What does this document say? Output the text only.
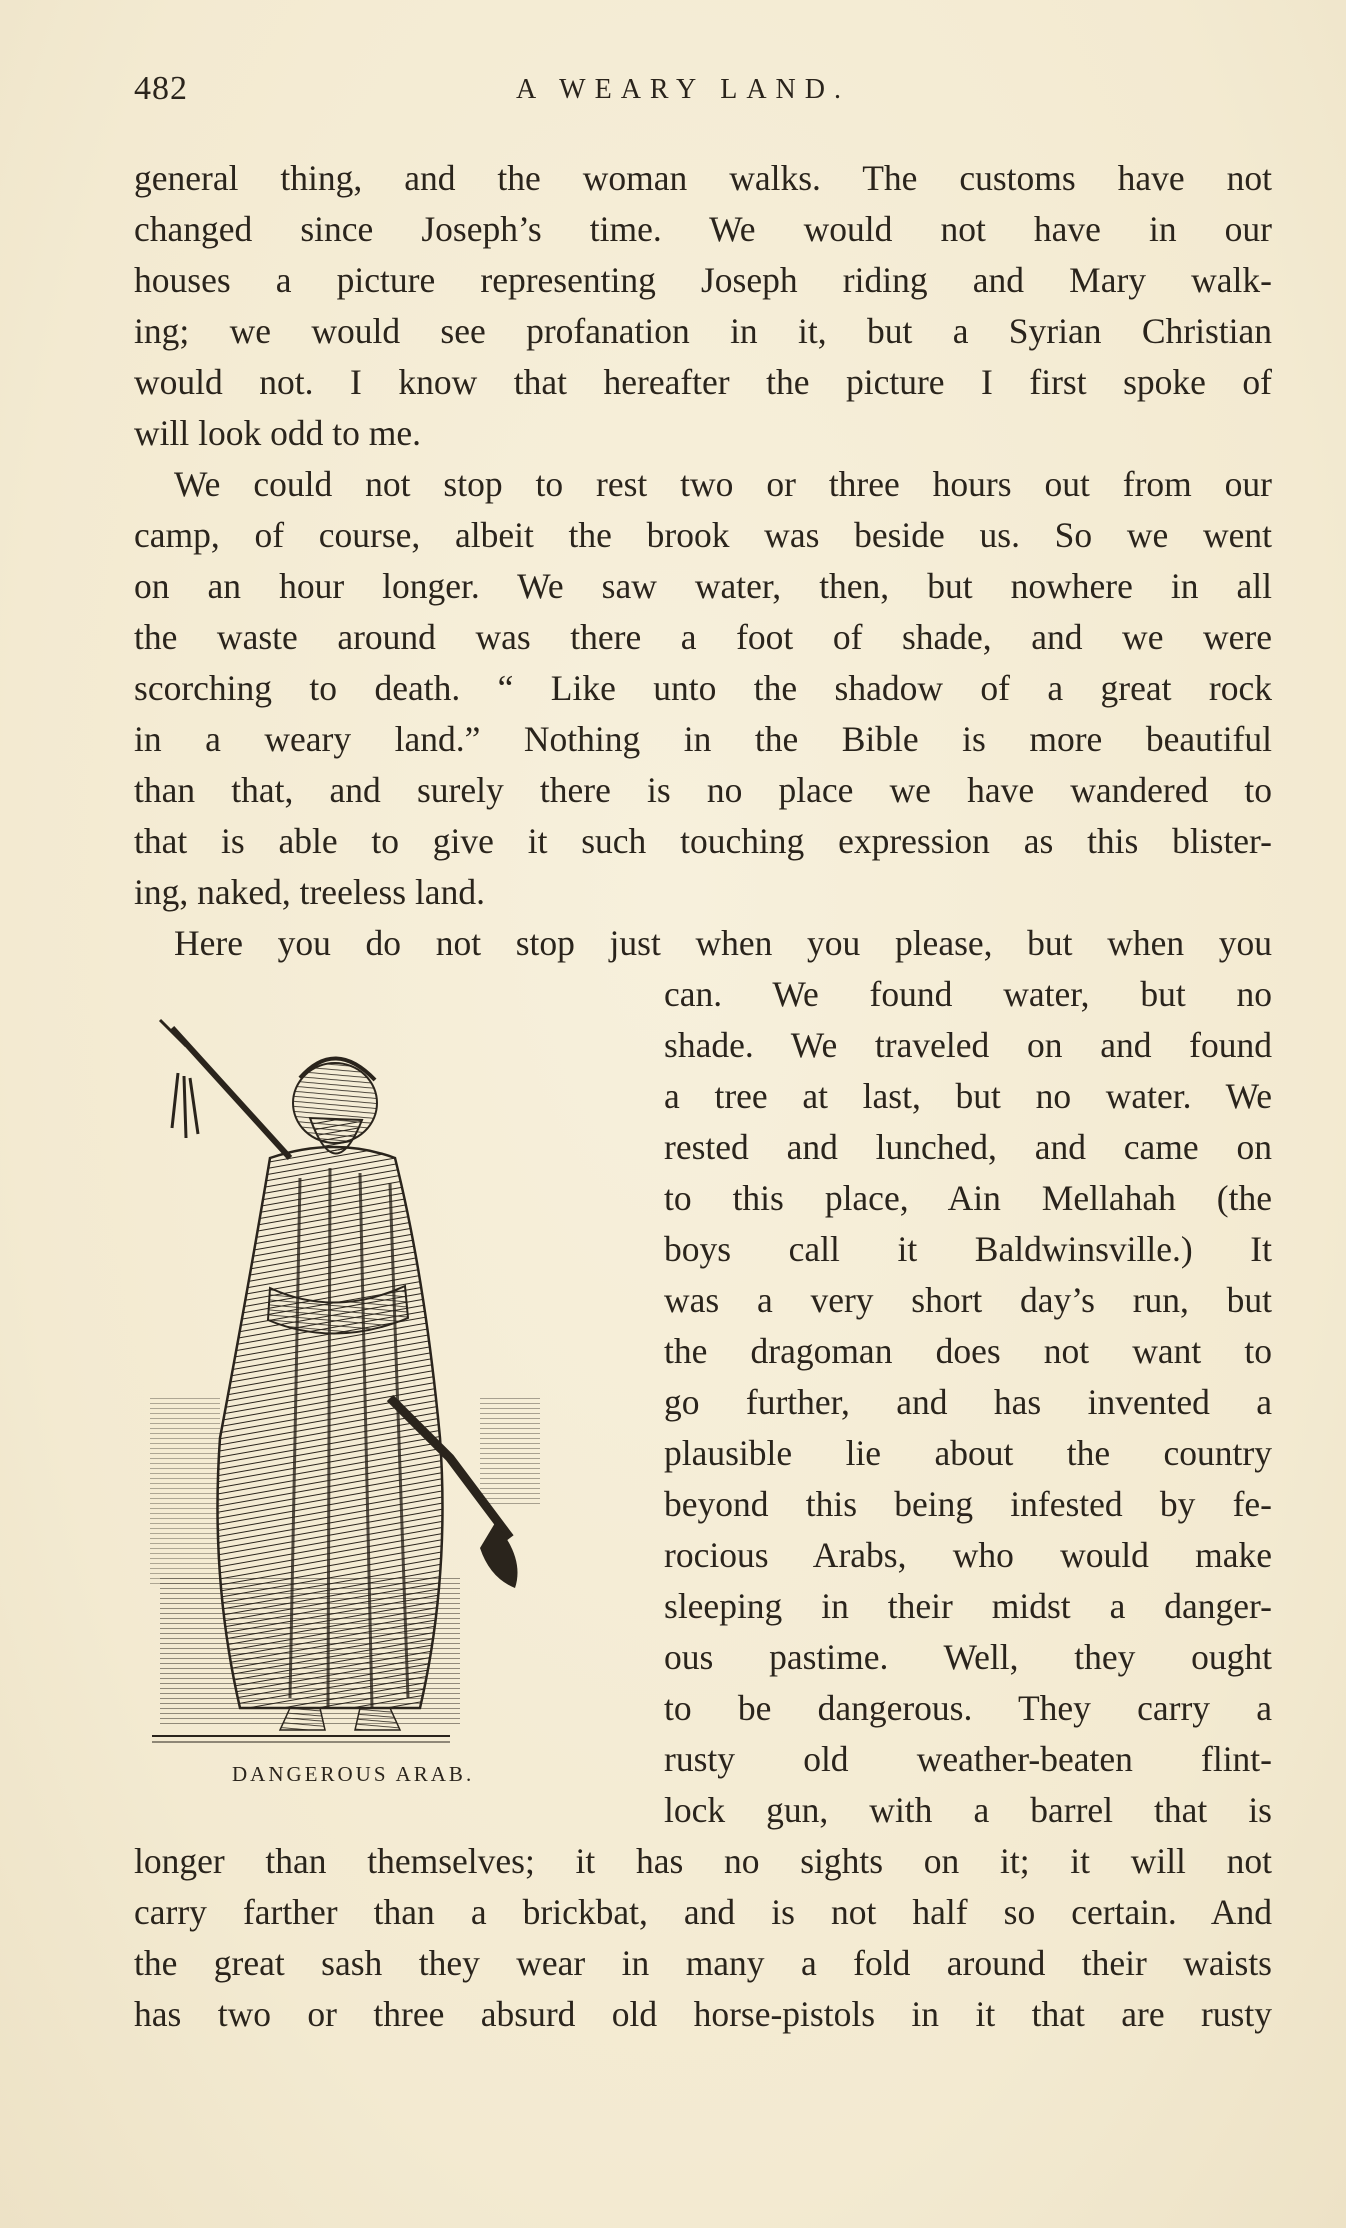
482	A WEARY LAND.
general thing, and the woman walks. The customs have not
changed since Joseph’s time. We would not have in our
houses a picture representing Joseph riding and Mary walk-
ing; we would see profanation in it, but a Syrian Christian
would not. I know that hereafter the picture I first spoke of
will look odd to me.
We could not stop to rest two or three hours out from our
camp, of course, albeit the brook was beside us. So we went
on an hour longer. We saw water, then, but nowhere in all
the waste around was there a foot of shade, and we were
scorching to death. “ Like unto the shadow of a great rock
in a weary land.” Nothing in the Bible is more beautiful
than that, and surely there is no place we have wandered to
that is able to give it such touching expression as this blister-
ing, naked, treeless land.
Here you do not stop just when you please, but when you
can. We found water, but no
shade. We traveled on and found
a tree at last, but no water. We
rested and lunched, and came on
to this place, Ain Mellahah (the
boys call it Baldwinsville.) It
was a very short day’s run, but
the dragoman does not want to
go further, and has invented a
plausible lie about the country
beyond this being infested by fe-
rocious Arabs, who would make
sleeping in their midst a danger-
ous pastime. Well, they ought
to be dangerous. They carry a
rusty old weather-beaten flint-
lock gun, with a barrel that is
longer than themselves; it has no sights on it; it will not
carry farther than a brickbat, and is not half so certain. And
the great sash they wear in many a fold around their waists
has two or three absurd old horse-pistols in it that are rusty
DANGEROUS ARAB.
